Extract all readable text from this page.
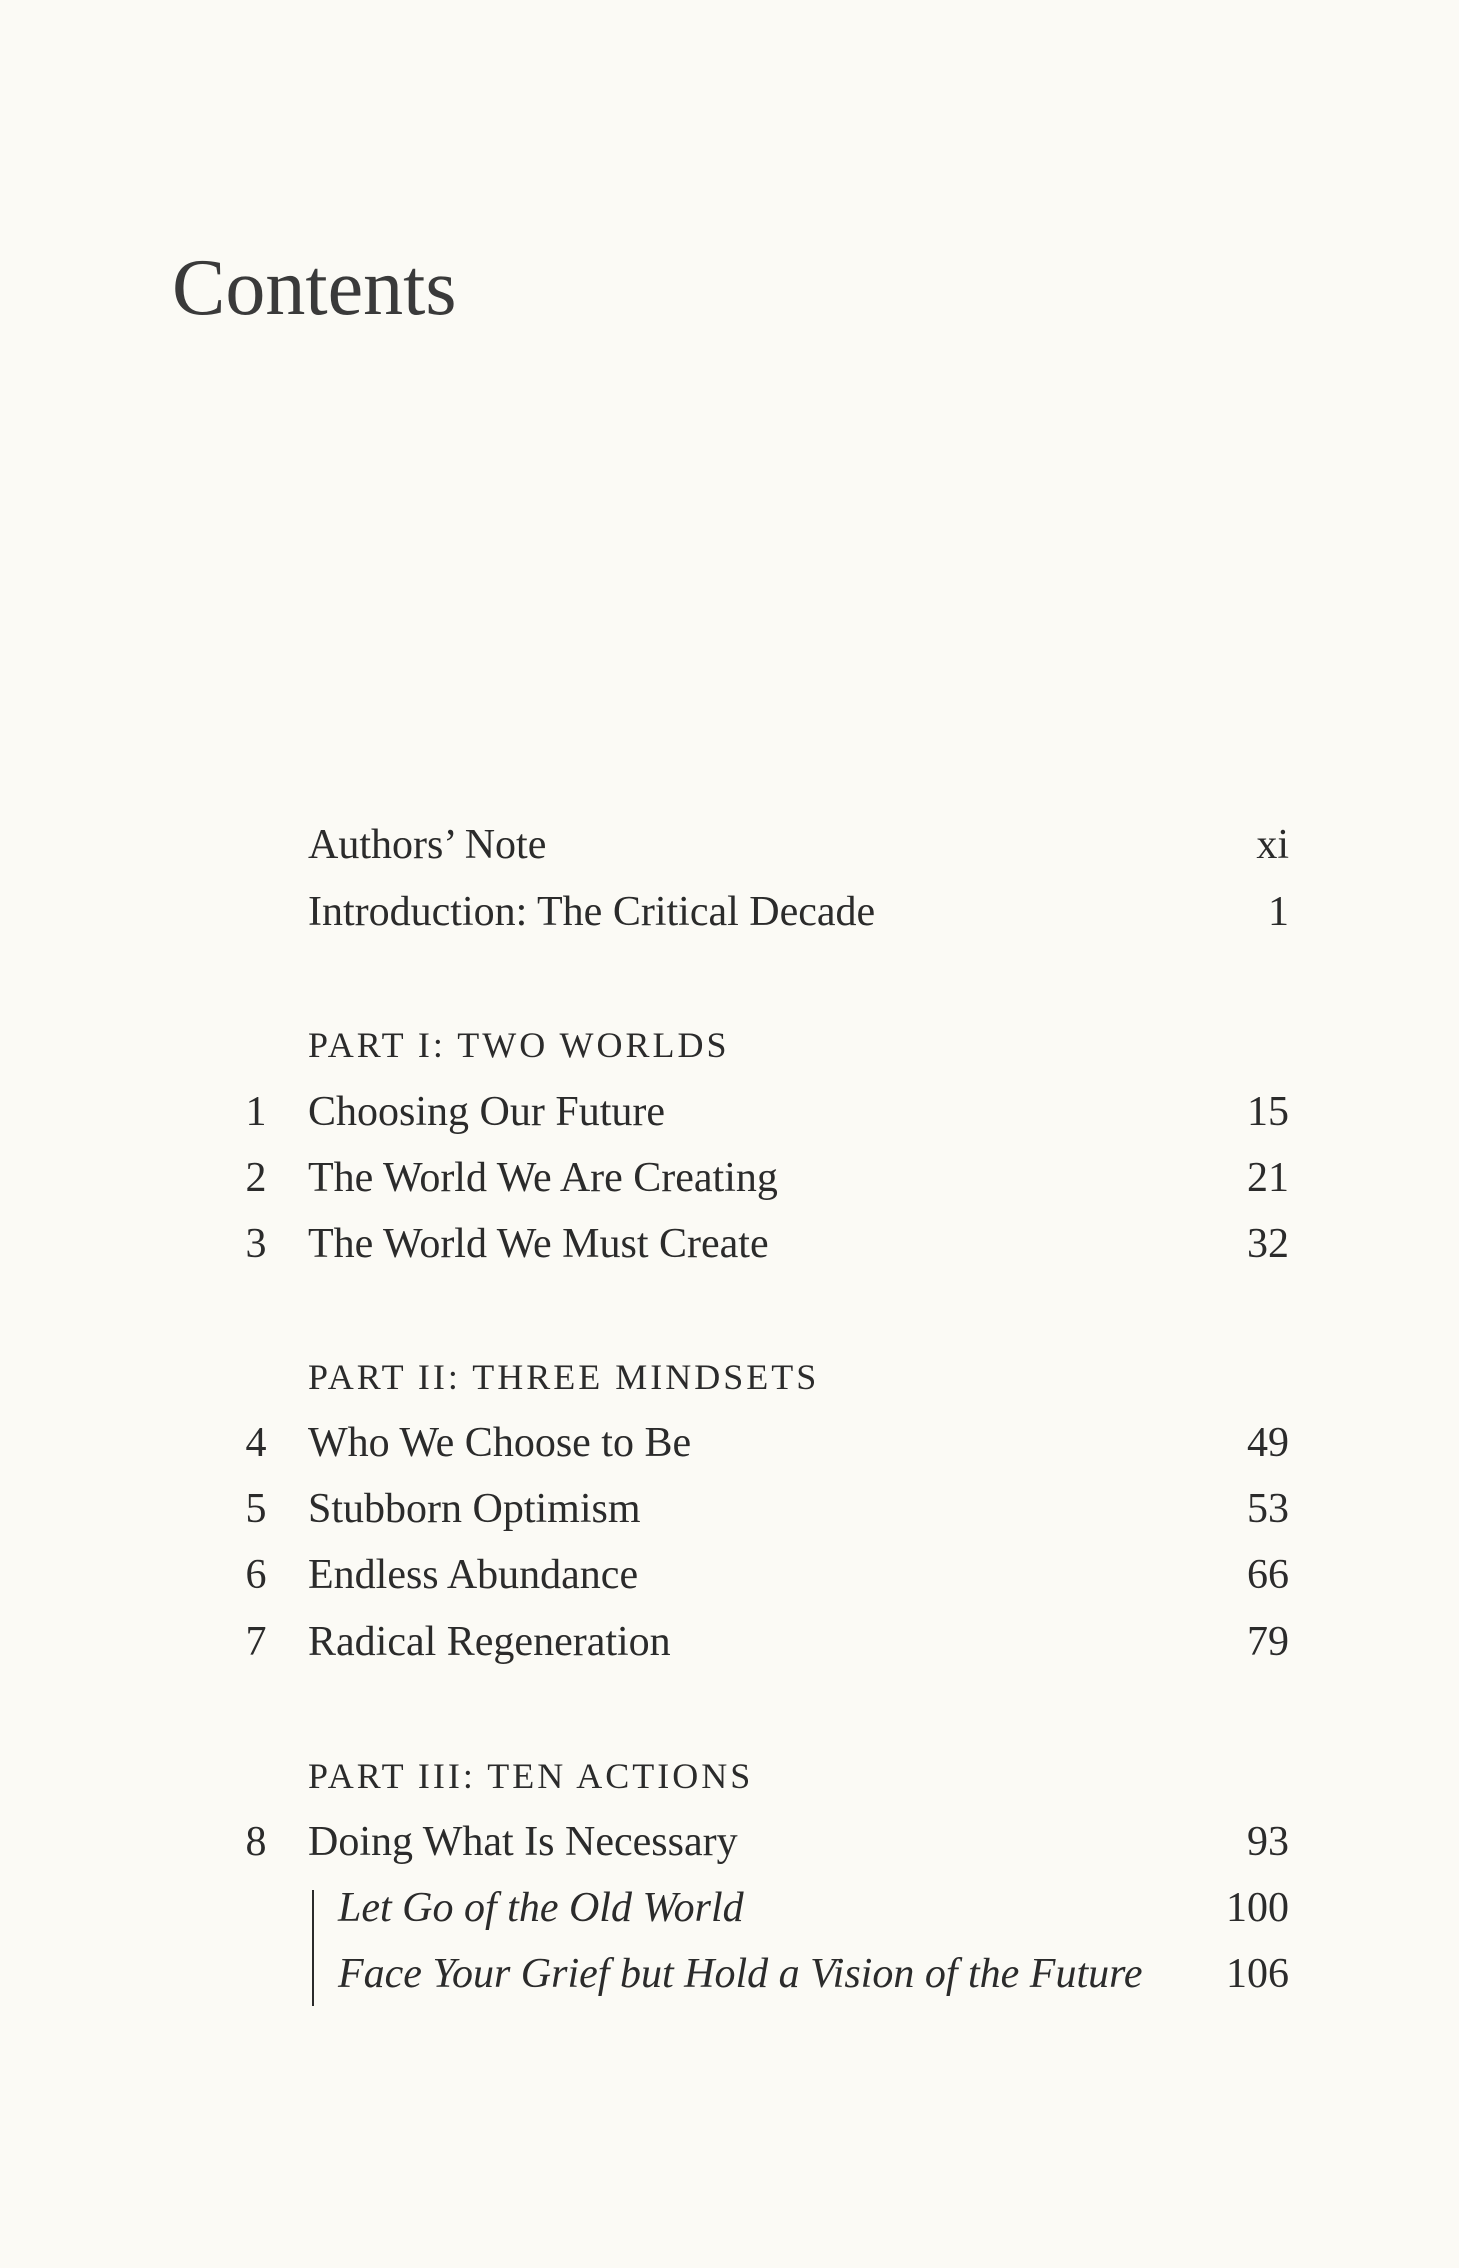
Contents
Authors’ Note	xi
Introduction: The Critical Decade	1
PART I: TWO WORLDS
1 Choosing Our Future	15
2 The World We Are Creating	21
3 The World We Must Create	32
PART II: THREE MINDSETS
4 Who We Choose to Be	49
5 Stubborn Optimism	53
6 Endless Abundance	66
7 Radical Regeneration	79
PART III: TEN ACTIONS
8 Doing What Is Necessary	93
Let Go of the Old World	100
Face Your Grief but Hold a Vision of the Future 106
